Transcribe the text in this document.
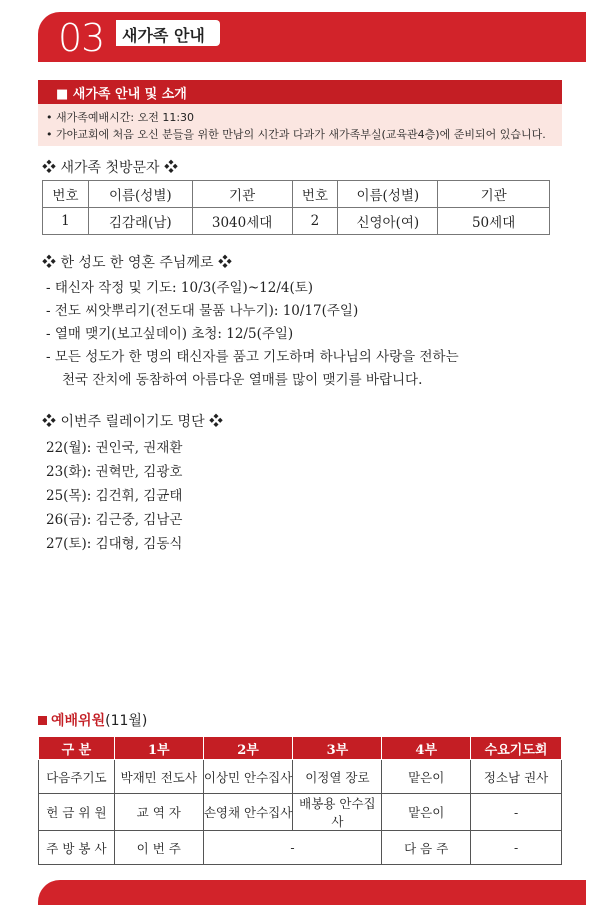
03 새가족 안내
■ 새가족 안내 및 소개
• 새가족예배시간: 오전 11:30
• 가야교회에 처음 오신 분들을 위한 만남의 시간과 다과가 새가족부실(교육관4층)에 준비되어 있습니다.
❖ 새가족 첫방문자 ❖
번호	이름(성별)	기관	번호	이름(성별)	기관
1	김감래(남)	3040세대	2	신영아(여)	50세대
❖ 한 성도 한 영혼 주님께로 ❖
- 태신자 작정 및 기도: 10/3(주일)~12/4(토)
- 전도 씨앗뿌리기(전도대 물품 나누기): 10/17(주일)
- 열매 맺기(보고싶데이) 초청: 12/5(주일)
- 모든 성도가 한 명의 태신자를 품고 기도하며 하나님의 사랑을 전하는
천국 잔치에 동참하여 아름다운 열매를 많이 맺기를 바랍니다.
❖ 이번주 릴레이기도 명단 ❖
22(월): 권인국, 권재환
23(화): 권혁만, 김광호
25(목): 김건휘, 김균태
26(금): 김근중, 김남곤
27(토): 김대형, 김동식
예배위원(11월)
구 분	1부	2부	3부	4부	수요기도회
다음주기도	박재민 전도사	이상민 안수집사	이정열 장로	맡은이	정소남 권사
헌 금 위 원	교 역 자	손영채 안수집사	배봉용 안수집사	맡은이	-
주 방 봉 사	이 번 주	-		다 음 주	-
